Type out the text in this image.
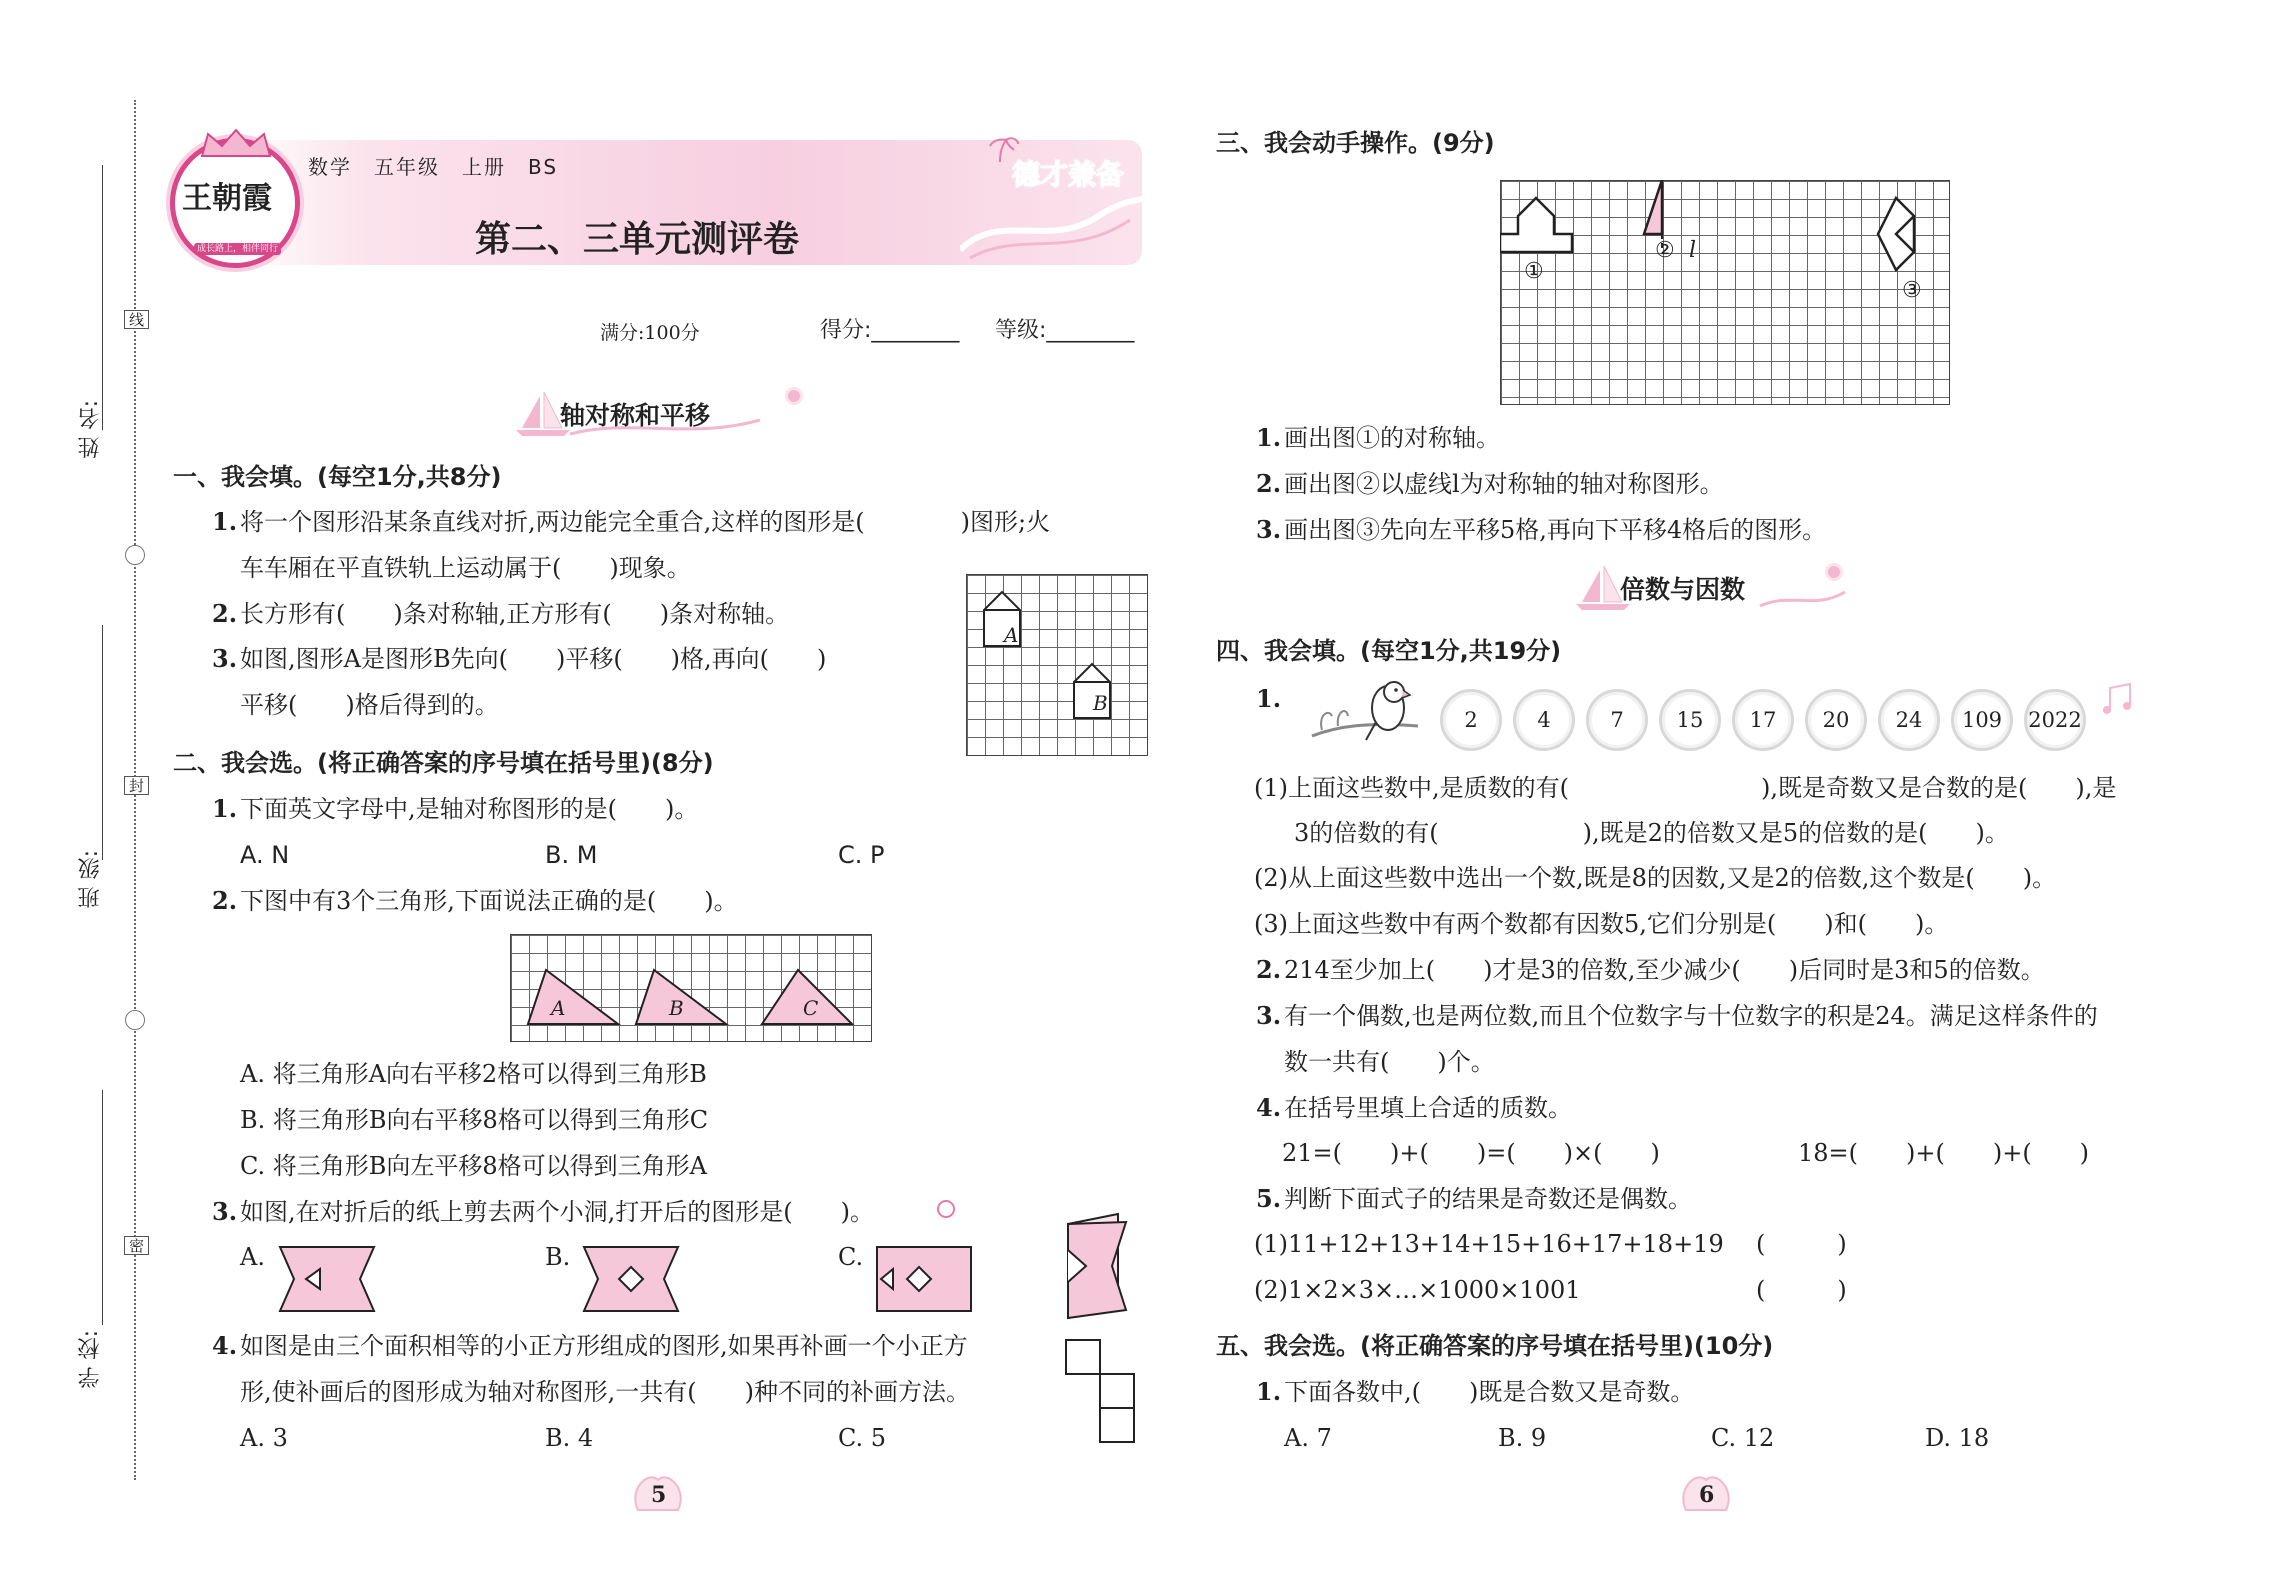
姓 名:
班 级:
学 校:
线
封
密
王朝霞
成长路上，相伴同行
数学　五年级　上册　BS	德才兼备
第二、三单元测评卷
满分:100分	得分:________ 等级:________
轴对称和平移
一、我会填。(每空1分,共8分)
1. 将一个图形沿某条直线对折,两边能完全重合,这样的图形是(　　　　)图形;火
车车厢在平直铁轨上运动属于(　　)现象。
2. 长方形有(　　)条对称轴,正方形有(　　)条对称轴。
3. 如图,图形A是图形B先向(　　)平移(　　)格,再向(　　)
平移(　　)格后得到的。
A
B
二、我会选。(将正确答案的序号填在括号里)(8分)
1. 下面英文字母中,是轴对称图形的是(　　)。
A. N	B. M	C. P
2. 下图中有3个三角形,下面说法正确的是(　　)。
A	B	C
A. 将三角形A向右平移2格可以得到三角形B
B. 将三角形B向右平移8格可以得到三角形C
C. 将三角形B向左平移8格可以得到三角形A
3. 如图,在对折后的纸上剪去两个小洞,打开后的图形是(　　)。
A.	B.	C.
4. 如图是由三个面积相等的小正方形组成的图形,如果再补画一个小正方
形,使补画后的图形成为轴对称图形,一共有(　　)种不同的补画方法。
A. 3	B. 4	C. 5
5
三、我会动手操作。(9分)
①
② l
③
1. 画出图①的对称轴。
2. 画出图②以虚线l为对称轴的轴对称图形。
3. 画出图③先向左平移5格,再向下平移4格后的图形。
倍数与因数
四、我会填。(每空1分,共19分)
1.
2	4	7	15	17	20	24	109	2022
(1)上面这些数中,是质数的有(　　　　　　　　),既是奇数又是合数的是(　　),是
3的倍数的有(　　　　　　),既是2的倍数又是5的倍数的是(　　)。
(2)从上面这些数中选出一个数,既是8的因数,又是2的倍数,这个数是(　　)。
(3)上面这些数中有两个数都有因数5,它们分别是(　　)和(　　)。
2. 214至少加上(　　)才是3的倍数,至少减少(　　)后同时是3和5的倍数。
3. 有一个偶数,也是两位数,而且个位数字与十位数字的积是24。满足这样条件的
数一共有(　　)个。
4. 在括号里填上合适的质数。
21=(　　)+(　　)=(　　)×(　　)	18=(　　)+(　　)+(　　)
5. 判断下面式子的结果是奇数还是偶数。
(1)11+12+13+14+15+16+17+18+19 (　　　)
(2)1×2×3×…×1000×1001	(　　　)
五、我会选。(将正确答案的序号填在括号里)(10分)
1. 下面各数中,(　　)既是合数又是奇数。
A. 7	B. 9	C. 12	D. 18
6
